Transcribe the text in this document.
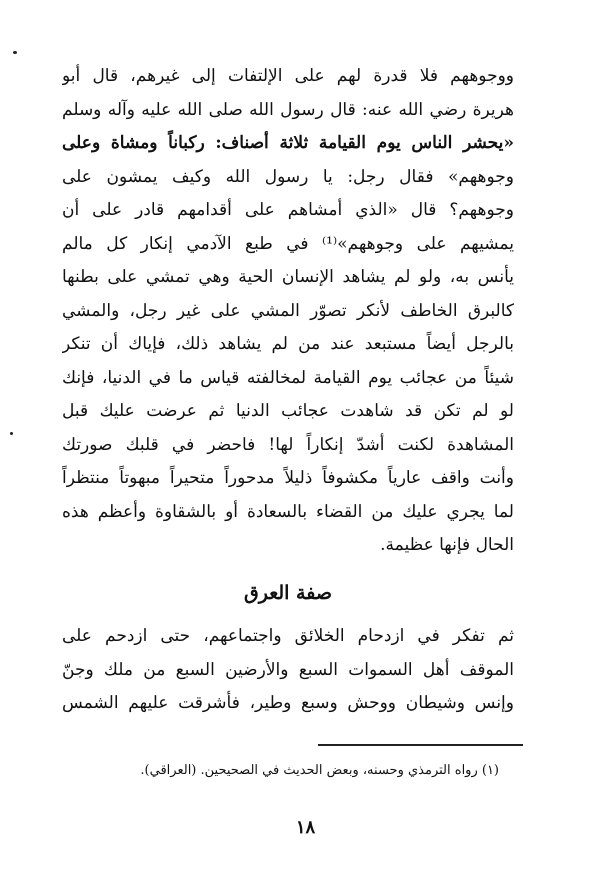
ووجوههم فلا قدرة لهم على الإلتفات إلى غيرهم، قال أبو
هريرة رضي الله عنه: قال رسول الله صلى الله عليه وآله وسلم
«يحشر الناس يوم القيامة ثلاثة أصناف: ركباناً ومشاة وعلى
وجوههم» فقال رجل: يا رسول الله وكيف يمشون على
وجوههم؟ قال «الذي أمشاهم على أقدامهم قادر على أن
يمشيهم على وجوههم»⁽¹⁾ في طبع الآدمي إنكار كل مالم
يأنس به، ولو لم يشاهد الإنسان الحية وهي تمشي على بطنها
كالبرق الخاطف لأنكر تصوّر المشي على غير رجل، والمشي
بالرجل أيضاً مستبعد عند من لم يشاهد ذلك، فإياك أن تنكر
شيئاً من عجائب يوم القيامة لمخالفته قياس ما في الدنيا، فإنك
لو لم تكن قد شاهدت عجائب الدنيا ثم عرضت عليك قبل
المشاهدة لكنت أشدّ إنكاراً لها! فاحضر في قلبك صورتك
وأنت واقف عارياً مكشوفاً ذليلاً مدحوراً متحيراً مبهوتاً منتظراً
لما يجري عليك من القضاء بالسعادة أو بالشقاوة وأعظم هذه
الحال فإنها عظيمة.
صفة العرق
ثم تفكر في ازدحام الخلائق واجتماعهم، حتى ازدحم على
الموقف أهل السموات السبع والأرضين السبع من ملك وجنّ
وإنس وشيطان ووحش وسبع وطير، فأشرقت عليهم الشمس
(١) رواه الترمذي وحسنه، وبعض الحديث في الصحيحين. (العراقي).
١٨
